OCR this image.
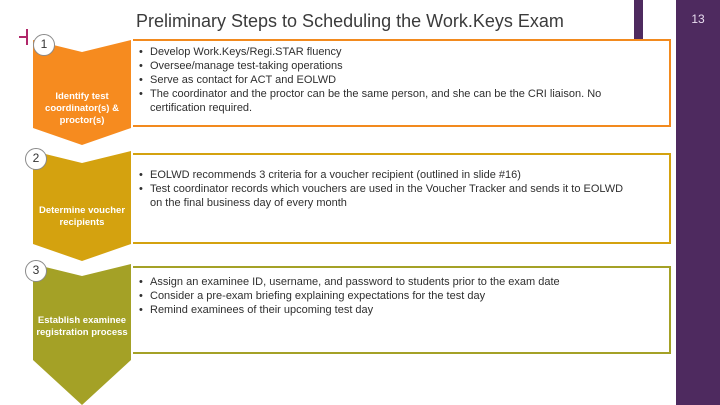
Preliminary Steps to Scheduling the Work.Keys Exam	13
1
Identify test coordinator(s) & proctor(s)
• Develop Work.Keys/Regi.STAR fluency
• Oversee/manage test-taking operations
• Serve as contact for ACT and EOLWD
• The coordinator and the proctor can be the same person, and she can be the CRI liaison. No
certification required.
2
Determine voucher recipients
• EOLWD recommends 3 criteria for a voucher recipient (outlined in slide #16)
• Test coordinator records which vouchers are used in the Voucher Tracker and sends it to EOLWD
on the final business day of every month
3
Establish examinee registration process
• Assign an examinee ID, username, and password to students prior to the exam date
• Consider a pre-exam briefing explaining expectations for the test day
• Remind examinees of their upcoming test day
